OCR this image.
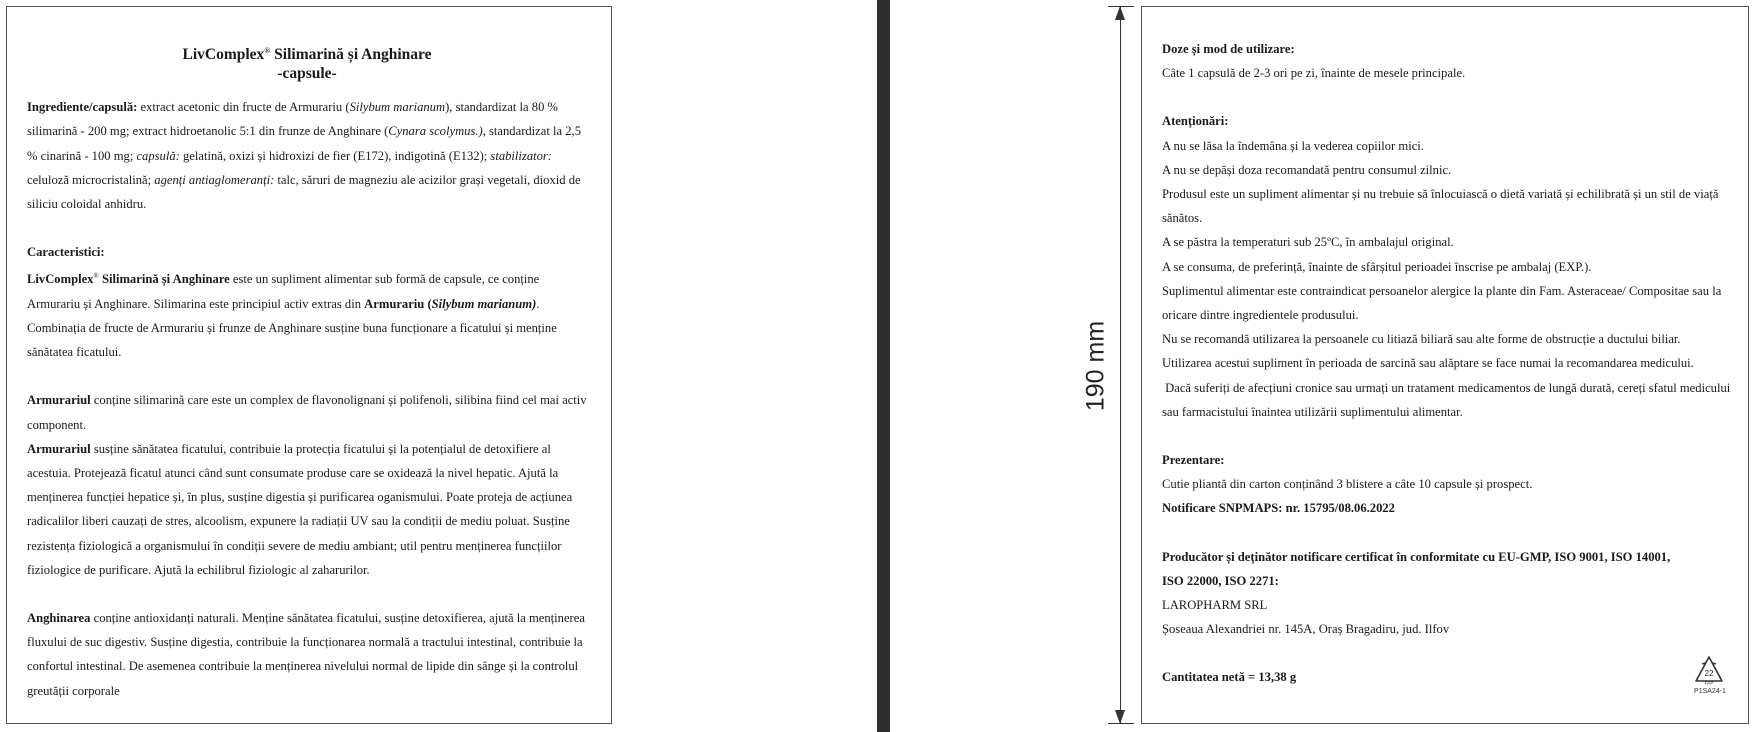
LivComplex® Silimarină și Anghinare
-capsule-

Ingrediente/capsulă: extract acetonic din fructe de Armurariu (Silybum marianum), standardizat la 80 % silimarină - 200 mg; extract hidroetanolic 5:1 din frunze de Anghinare (Cynara scolymus.), standardizat la 2,5 % cinarină - 100 mg; capsulă: gelatină, oxizi și hidroxizi de fier (E172), indigotină (E132); stabilizator: celuloză microcristalină; agenți antiaglomeranți: talc, săruri de magneziu ale acizilor grași vegetali, dioxid de siliciu coloidal anhidru.

Caracteristici:

LivComplex® Silimarină și Anghinare este un supliment alimentar sub formă de capsule, ce conține Armurariu și Anghinare. Silimarina este principiul activ extras din Armurariu (Silybum marianum). Combinația de fructe de Armurariu și frunze de Anghinare susține buna funcționare a ficatului și menține sănătatea ficatului.

Armurariul conține silimarină care este un complex de flavonolignani și polifenoli, silibina fiind cel mai activ component.

Armurariul susține sănătatea ficatului, contribuie la protecția ficatului și la potențialul de detoxifiere al acestuia. Protejează ficatul atunci când sunt consumate produse care se oxidează la nivel hepatic. Ajută la menținerea funcției hepatice și, în plus, susține digestia și purificarea oganismului. Poate proteja de acțiunea radicalilor liberi cauzați de stres, alcoolism, expunere la radiații UV sau la condiții de mediu poluat. Susține rezistența fiziologică a organismului în condiții severe de mediu ambiant; util pentru menținerea funcțiilor fiziologice de purificare. Ajută la echilibrul fiziologic al zaharurilor.

Anghinarea conține antioxidanți naturali. Menține sănătatea ficatului, susține detoxifierea, ajută la menținerea fluxului de suc digestiv. Susține digestia, contribuie la funcționarea normală a tractului intestinal, contribuie la confortul intestinal. De asemenea contribuie la menținerea nivelului normal de lipide din sânge și la controlul greutății corporale

190 mm

Doze și mod de utilizare:

Câte 1 capsulă de 2-3 ori pe zi, înainte de mesele principale.

Atenționări:

A nu se lăsa la îndemâna și la vederea copiilor mici.

A nu se depăși doza recomandată pentru consumul zilnic.

Produsul este un supliment alimentar și nu trebuie să înlocuiască o dietă variată și echilibrată și un stil de viață sănătos.

A se păstra la temperaturi sub 25ºC, în ambalajul original.

A se consuma, de preferință, înainte de sfârșitul perioadei înscrise pe ambalaj (EXP.).

Suplimentul alimentar este contraindicat persoanelor alergice la plante din Fam. Asteraceae/ Compositae sau la oricare dintre ingredientele produsului.

Nu se recomandă utilizarea la persoanele cu litiază biliară sau alte forme de obstrucție a ductului biliar.

Utilizarea acestui supliment în perioada de sarcină sau alăptare se face numai la recomandarea medicului.

Dacă suferiți de afecțiuni cronice sau urmați un tratament medicamentos de lungă durată, cereți sfatul medicului sau farmacistului înaintea utilizării suplimentului alimentar.

Prezentare:

Cutie pliantă din carton conținând 3 blistere a câte 10 capsule și prospect.

Notificare SNPMAPS: nr. 15795/08.06.2022

Producător și deținător notificare certificat în conformitate cu EU-GMP, ISO 9001, ISO 14001, ISO 22000, ISO 2271:

LAROPHARM SRL

Șoseaua Alexandriei nr. 145A, Oraș Bragadiru, jud. Ilfov

Cantitatea netă = 13,38 g	22
PAP
P1SA24-1
